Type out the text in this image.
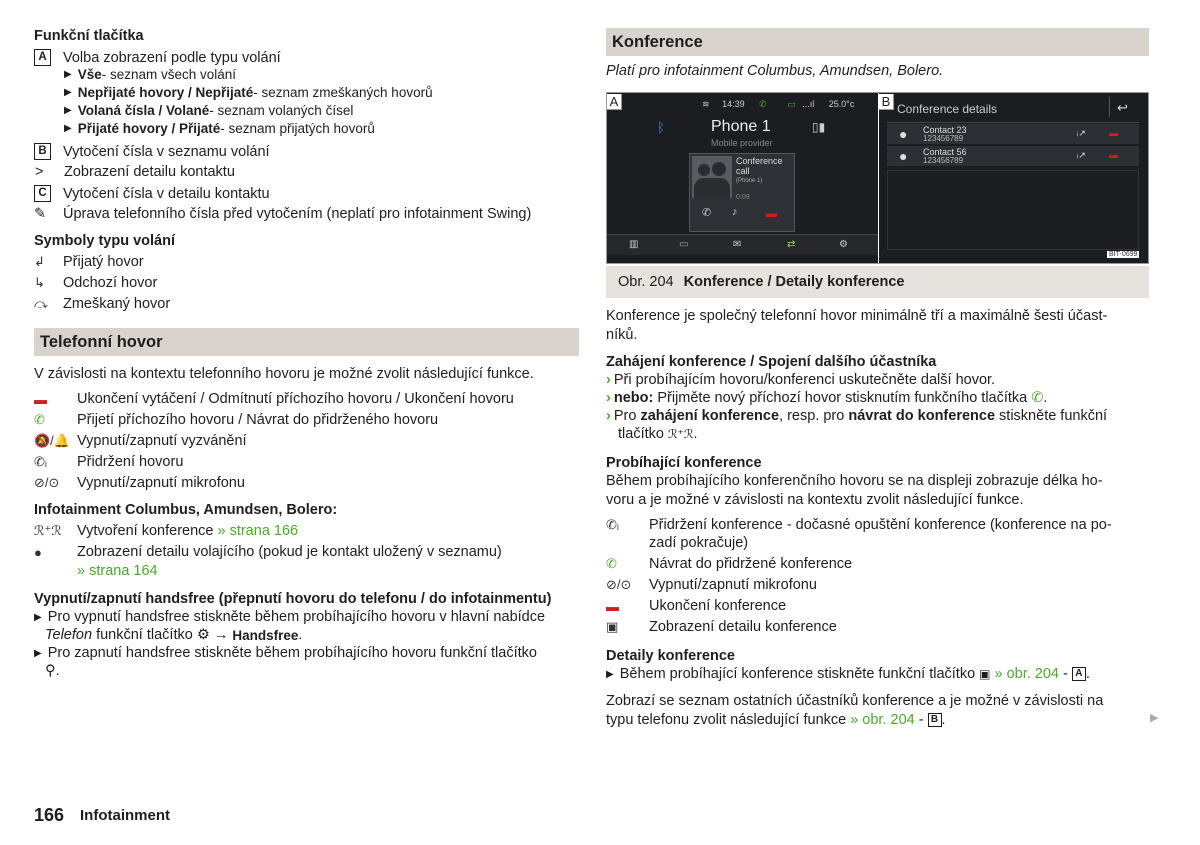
Funkční tlačítka
A Volba zobrazení podle typu volání
▶ Vše - seznam všech volání
▶ Nepřijaté hovory / Nepřijaté - seznam zmeškaných hovorů
▶ Volaná čísla / Volané - seznam volaných čísel
▶ Přijaté hovory / Přijaté - seznam přijatých hovorů
B Vytočení čísla v seznamu volání
>	Zobrazení detailu kontaktu
C Vytočení čísla v detailu kontaktu
✎	Úprava telefonního čísla před vytočením (neplatí pro infotainment Swing)
Symboly typu volání
↲	Přijatý hovor
↳	Odchozí hovor
⤼	Zmeškaný hovor
Telefonní hovor
V závislosti na kontextu telefonního hovoru je možné zvolit následující funkce.
▬	Ukončení vytáčení / Odmítnutí příchozího hovoru / Ukončení hovoru
✆	Přijetí příchozího hovoru / Návrat do přidrženého hovoru
🔕/🔔 Vypnutí/zapnutí vyzvánění
✆ᵢ	Přidržení hovoru
⊘/⊙	Vypnutí/zapnutí mikrofonu
Infotainment Columbus, Amundsen, Bolero:
ℛ⁺ℛ	Vytvoření konference » strana 166
●	Zobrazení detailu volajícího (pokud je kontakt uložený v seznamu)
» strana 164
Vypnutí/zapnutí handsfree (přepnutí hovoru do telefonu / do infotainmentu)
▶ Pro vypnutí handsfree stiskněte během probíhajícího hovoru v hlavní nabídce
Telefon funkční tlačítko ⚙ → Handsfree .
▶ Pro zapnutí handsfree stiskněte během probíhajícího hovoru funkční tlačítko
⚲ .
Konference
Platí pro infotainment Columbus, Amundsen, Bolero.
A	≋ 14:39 ✆ ▭ ...ıl 25.0°c
ᛒ	Phone 1
Mobile provider
▯▮
Conference
call
(Phone 1)
0:09
✆ ♪	▬
▥	▭	✉	⇄	⚙
B Conference details	↩
● Contact 23
123456789
ᵢ↗	▬
● Contact 56
123456789
ᵢ↗	▬
BIT-0699
Obr. 204 Konference / Detaily konference
Konference je společný telefonní hovor minimálně tří a maximálně šesti účast-
níků.
Zahájení konference / Spojení dalšího účastníka
› Při probíhajícím hovoru/konferenci uskutečněte další hovor.
› nebo: Přijměte nový příchozí hovor stisknutím funkčního tlačítka ✆ .
› Pro zahájení konference , resp. pro návrat do konference stiskněte funkční
tlačítko ℛ⁺ℛ .
Probíhající konference
Během probíhajícího konferenčního hovoru se na displeji zobrazuje délka ho-
voru a je možné v závislosti na kontextu zvolit následující funkce.
✆ᵢ	Přidržení konference - dočasné opuštění konference (konference na po-
zadí pokračuje)
✆	Návrat do přidržené konference
⊘/⊙	Vypnutí/zapnutí mikrofonu
▬	Ukončení konference
▣	Zobrazení detailu konference
Detaily konference
▶ Během probíhající konference stiskněte funkční tlačítko ▣ » obr. 204 - A .
Zobrazí se seznam ostatních účastníků konference a je možné v závislosti na
typu telefonu zvolit následující funkce » obr. 204 - B .	▶
166 Infotainment
